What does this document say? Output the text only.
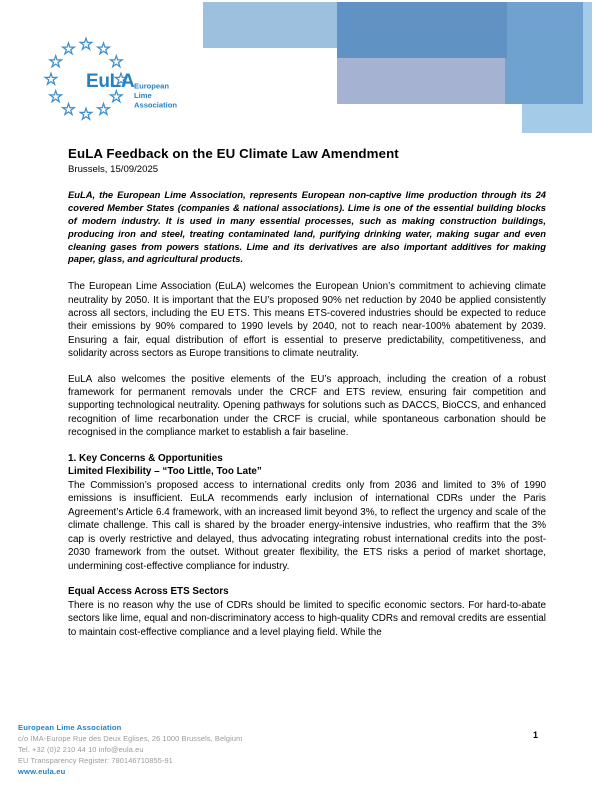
EuLA European
Lime
Association
EuLA Feedback on the EU Climate Law Amendment
Brussels, 15/09/2025

EuLA, the European Lime Association, represents European non-captive lime production through its 24 covered Member States (companies & national associations). Lime is one of the essential building blocks of modern industry. It is used in many essential processes, such as making construction buildings, producing iron and steel, treating contaminated land, purifying drinking water, making sugar and even cleaning gases from powers stations. Lime and its derivatives are also important additives for making paper, glass, and agricultural products.

The European Lime Association (EuLA) welcomes the European Union’s commitment to achieving climate neutrality by 2050. It is important that the EU’s proposed 90% net reduction by 2040 be applied consistently across all sectors, including the EU ETS. This means ETS-covered industries should be expected to reduce their emissions by 90% compared to 1990 levels by 2040, not to reach near-100% abatement by 2039. Ensuring a fair, equal distribution of effort is essential to preserve predictability, competitiveness, and solidarity across sectors as Europe transitions to climate neutrality.

EuLA also welcomes the positive elements of the EU’s approach, including the creation of a robust framework for permanent removals under the CRCF and ETS review, ensuring fair competition and supporting technological neutrality. Opening pathways for solutions such as DACCS, BioCCS, and enhanced recognition of lime recarbonation under the CRCF is crucial, while spontaneous carbonation should be recognised in the compliance market to establish a fair baseline.

1. Key Concerns & Opportunities
Limited Flexibility – “Too Little, Too Late”

The Commission’s proposed access to international credits only from 2036 and limited to 3% of 1990 emissions is insufficient. EuLA recommends early inclusion of international CDRs under the Paris Agreement’s Article 6.4 framework, with an increased limit beyond 3%, to reflect the urgency and scale of the climate challenge. This call is shared by the broader energy-intensive industries, who reaffirm that the 3% cap is overly restrictive and delayed, thus advocating integrating robust international credits into the post-2030 framework from the outset. Without greater flexibility, the ETS risks a period of market shortage, undermining cost-effective compliance for industry.

Equal Access Across ETS Sectors

There is no reason why the use of CDRs should be limited to specific economic sectors. For hard-to-abate sectors like lime, equal and non-discriminatory access to high-quality CDRs and removal credits are essential to maintain cost-effective compliance and a level playing field. While the

European Lime Association

c/o IMA-Europe Rue des Deux Eglises, 26 1000 Brussels, Belgium

Tel. +32 (0)2 210 44 10 info@eula.eu

EU Transparency Register: 780146710855-91

www.eula.eu

1
